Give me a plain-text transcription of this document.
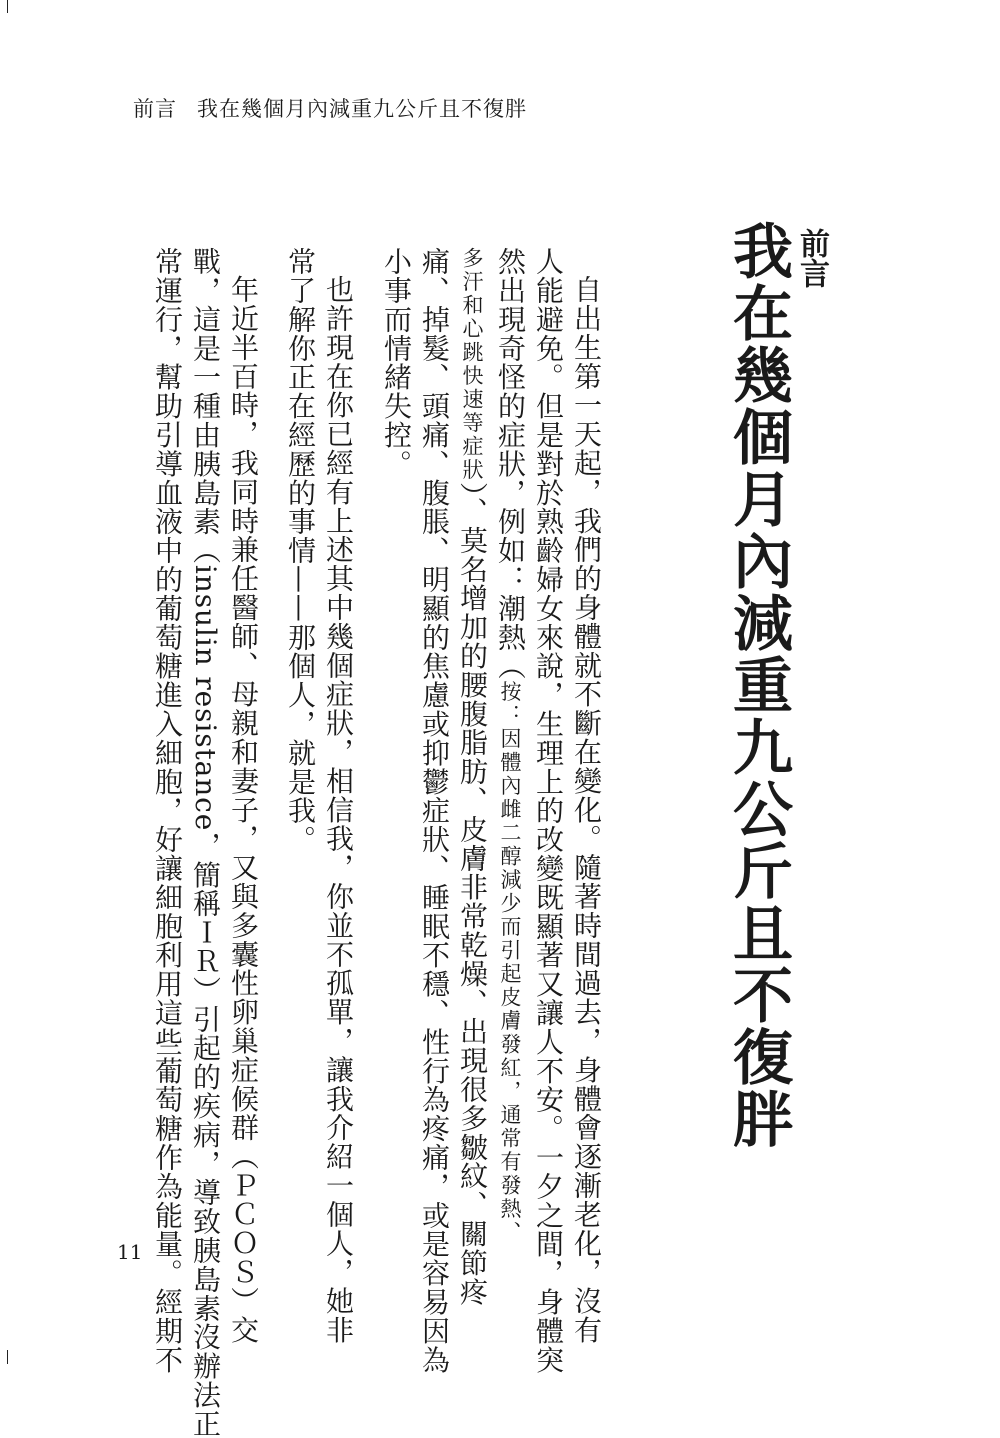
前言 我在幾個月內減重九公斤且不復胖
前言
我在幾個月內減重九公斤且不復胖
自出生第一天起，我們的身體就不斷在變化。隨著時間過去，身體會逐漸老化，沒有
人能避免。但是對於熟齡婦女來說，生理上的改變既顯著又讓人不安。一夕之間，身體突
然出現奇怪的症狀，例如：潮熱（按：因體內雌二醇減少而引起皮膚發紅，通常有發熱、
多汗和心跳快速等症狀）、莫名增加的腰腹脂肪、皮膚非常乾燥、出現很多皺紋、關節疼
痛、掉髮、頭痛、腹脹、明顯的焦慮或抑鬱症狀、睡眠不穩、性行為疼痛，或是容易因為
小事而情緒失控。
也許現在你已經有上述其中幾個症狀，相信我，你並不孤單，讓我介紹一個人，她非
常了解你正在經歷的事情——那個人，就是我。
年近半百時，我同時兼任醫師、母親和妻子，又與多囊性卵巢症候群（ＰＣＯＳ）交
戰，這是一種由胰島素（insulin resistance，簡稱ＩＲ）引起的疾病，導致胰島素沒辦法正
常運行，幫助引導血液中的葡萄糖進入細胞，好讓細胞利用這些葡萄糖作為能量。經期不
11
